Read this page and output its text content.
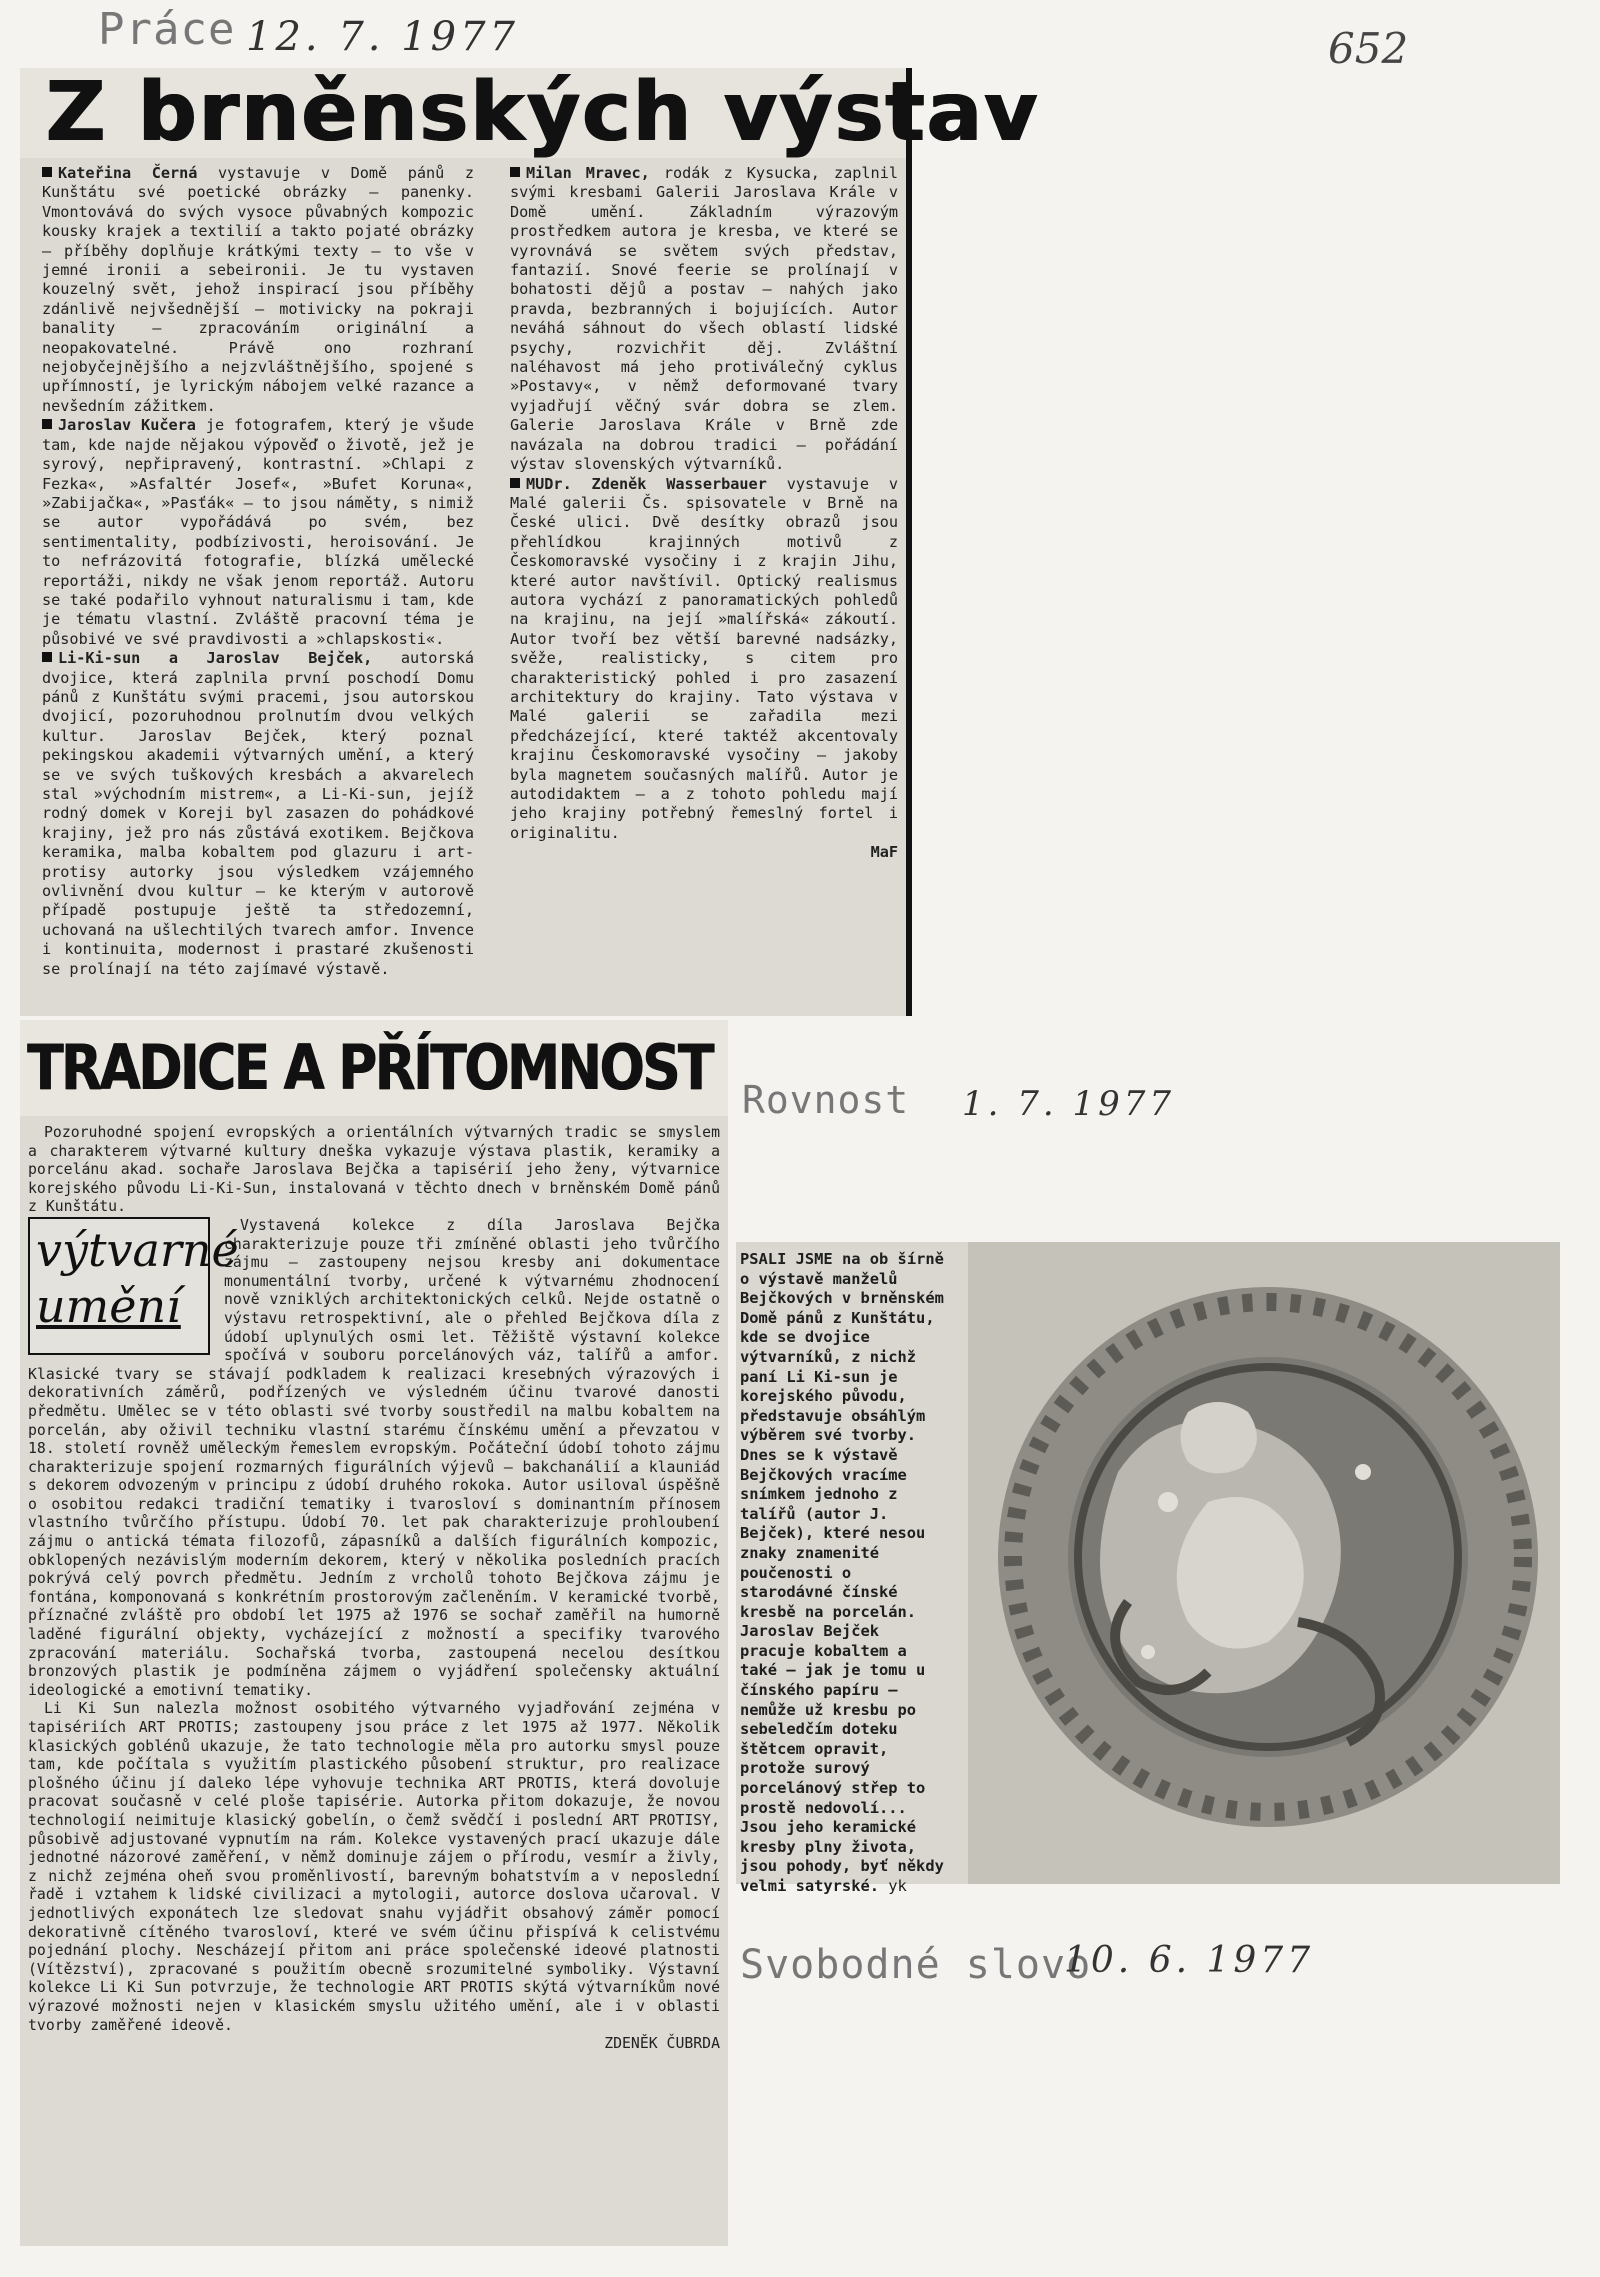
Práce 12. 7. 1977	652
Z brněnských výstav

Kateřina Černá vystavuje v Domě pánů z Kunštátu své poetické obrázky — panenky. Vmontovává do svých vysoce půvabných kompozic kousky krajek a textilií a takto pojaté obrázky — příběhy doplňuje krátkými texty — to vše v jemné ironii a sebeironii. Je tu vystaven kouzelný svět, jehož inspirací jsou příběhy zdánlivě nejvšednější — motivicky na pokraji banality — zpracováním originální a neopakovatelné. Právě ono rozhraní nejobyčejnějšího a nejzvláštnějšího, spojené s upřímností, je lyrickým nábojem velké razance a nevšedním zážitkem.

Jaroslav Kučera je fotografem, který je všude tam, kde najde nějakou výpověď o životě, jež je syrový, nepřipravený, kontrastní. »Chlapi z Fezka«, »Asfaltér Josef«, »Bufet Koruna«, »Zabijačka«, »Pasťák« — to jsou náměty, s nimiž se autor vypořádává po svém, bez sentimentality, podbízivosti, heroisování. Je to nefrázovitá fotografie, blízká umělecké reportáži, nikdy ne však jenom reportáž. Autoru se také podařilo vyhnout naturalismu i tam, kde je tématu vlastní. Zvláště pracovní téma je působivé ve své pravdivosti a »chlapskosti«.

Li-Ki-sun a Jaroslav Bejček, autorská dvojice, která zaplnila první poschodí Domu pánů z Kunštátu svými pracemi, jsou autorskou dvojicí, pozoruhodnou prolnutím dvou velkých kultur. Jaroslav Bejček, který poznal pekingskou akademii výtvarných umění, a který se ve svých tuškových kresbách a akvarelech stal »východním mistrem«, a Li-Ki-sun, jejíž rodný domek v Koreji byl zasazen do pohádkové krajiny, jež pro nás zůstává exotikem. Bejčkova keramika, malba kobaltem pod glazuru i art-protisy autorky jsou výsledkem vzájemného ovlivnění dvou kultur — ke kterým v autorově případě postupuje ještě ta středozemní, uchovaná na ušlechtilých tvarech amfor. Invence i kontinuita, modernost i prastaré zkušenosti se prolínají na této zajímavé výstavě.

Milan Mravec, rodák z Kysucka, zaplnil svými kresbami Galerii Jaroslava Krále v Domě umění. Základním výrazovým prostředkem autora je kresba, ve které se vyrovnává se světem svých představ, fantazií. Snové feerie se prolínají v bohatosti dějů a postav — nahých jako pravda, bezbranných i bojujících. Autor neváhá sáhnout do všech oblastí lidské psychy, rozvichřit děj. Zvláštní naléhavost má jeho protiválečný cyklus »Postavy«, v němž deformované tvary vyjadřují věčný svár dobra se zlem. Galerie Jaroslava Krále v Brně zde navázala na dobrou tradici — pořádání výstav slovenských výtvarníků.

MUDr. Zdeněk Wasserbauer vystavuje v Malé galerii Čs. spisovatele v Brně na České ulici. Dvě desítky obrazů jsou přehlídkou krajinných motivů z Českomoravské vysočiny i z krajin Jihu, které autor navštívil. Optický realismus autora vychází z panoramatických pohledů na krajinu, na její »malířská« zákoutí. Autor tvoří bez větší barevné nadsázky, svěže, realisticky, s citem pro charakteristický pohled i pro zasazení architektury do krajiny. Tato výstava v Malé galerii se zařadila mezi předcházející, které taktéž akcentovaly krajinu Českomoravské vysočiny — jakoby byla magnetem současných malířů. Autor je autodidaktem — a z tohoto pohledu mají jeho krajiny potřebný řemeslný fortel i originalitu.

MaF

TRADICE A PŘÍTOMNOST

Pozoruhodné spojení evropských a orientálních výtvarných tradic se smyslem a charakterem výtvarné kultury dneška vykazuje výstava plastik, keramiky a porcelánu akad. sochaře Jaroslava Bejčka a tapisérií jeho ženy, výtvarnice korejského původu Li-Ki-Sun, instalovaná v těchto dnech v brněnském Domě pánů z Kunštátu.

výtvarné
umění

Vystavená kolekce z díla Jaroslava Bejčka charakterizuje pouze tři zmíněné oblasti jeho tvůrčího zájmu — zastoupeny nejsou kresby ani dokumentace monumentální tvorby, určené k výtvarnému zhodnocení nově vzniklých architektonických celků. Nejde ostatně o výstavu retrospektivní, ale o přehled Bejčkova díla z údobí uplynulých osmi let. Těžiště výstavní kolekce spočívá v souboru porcelánových váz, talířů a amfor. Klasické tvary se stávají podkladem k realizaci kresebných výrazových i dekorativních záměrů, podřízených ve výsledném účinu tvarové danosti předmětu. Umělec se v této oblasti své tvorby soustředil na malbu kobaltem na porcelán, aby oživil techniku vlastní starému čínskému umění a převzatou v 18. století rovněž uměleckým řemeslem evropským. Počáteční údobí tohoto zájmu charakterizuje spojení rozmarných figurálních výjevů — bakchanálií a klauniád s dekorem odvozeným v principu z údobí druhého rokoka. Autor usiloval úspěšně o osobitou redakci tradiční tematiky i tvarosloví s dominantním přínosem vlastního tvůrčího přístupu. Údobí 70. let pak charakterizuje prohloubení zájmu o antická témata filozofů, zápasníků a dalších figurálních kompozic, obklopených nezávislým moderním dekorem, který v několika posledních pracích pokrývá celý povrch předmětu. Jedním z vrcholů tohoto Bejčkova zájmu je fontána, komponovaná s konkrétním prostorovým začleněním. V keramické tvorbě, příznačné zvláště pro období let 1975 až 1976 se sochař zaměřil na humorně laděné figurální objekty, vycházející z možností a specifiky tvarového zpracování materiálu. Sochařská tvorba, zastoupená necelou desítkou bronzových plastik je podmíněna zájmem o vyjádření společensky aktuální ideologické a emotivní tematiky.

Li Ki Sun nalezla možnost osobitého výtvarného vyjadřování zejména v tapisériích ART PROTIS; zastoupeny jsou práce z let 1975 až 1977. Několik klasických goblénů ukazuje, že tato technologie měla pro autorku smysl pouze tam, kde počítala s využitím plastického působení struktur, pro realizace plošného účinu jí daleko lépe vyhovuje technika ART PROTIS, která dovoluje pracovat současně v celé ploše tapisérie. Autorka přitom dokazuje, že novou technologií neimituje klasický gobelín, o čemž svědčí i poslední ART PROTISY, působivě adjustované vypnutím na rám. Kolekce vystavených prací ukazuje dále jednotné názorové zaměření, v němž dominuje zájem o přírodu, vesmír a živly, z nichž zejména oheň svou proměnlivostí, barevným bohatstvím a v neposlední řadě i vztahem k lidské civilizaci a mytologii, autorce doslova učaroval. V jednotlivých exponátech lze sledovat snahu vyjádřit obsahový záměr pomocí dekorativně cítěného tvarosloví, které ve svém účinu přispívá k celistvému pojednání plochy. Nescházejí přitom ani práce společenské ideové platnosti (Vítězství), zpracované s použitím obecně srozumitelné symboliky. Výstavní kolekce Li Ki Sun potvrzuje, že technologie ART PROTIS skýtá výtvarníkům nové výrazové možnosti nejen v klasickém smyslu užitého umění, ale i v oblasti tvorby zaměřené ideově.

ZDENĚK ČUBRDA

Rovnost 1. 7. 1977
PSALI JSME na ob šírně o výstavě manželů Bejčkových v brněnském Domě pánů z Kunštátu, kde se dvojice výtvarníků, z nichž paní Li Ki-sun je korejského původu, představuje obsáhlým výběrem své tvorby. Dnes se k výstavě Bejčkových vracíme snímkem jednoho z talířů (autor J. Bejček), které nesou znaky znamenité poučenosti o starodávné čínské kresbě na porcelán. Jaroslav Bejček pracuje kobaltem a také — jak je tomu u čínského papíru — nemůže už kresbu po sebeledčím doteku štětcem opravit, protože surový porcelánový střep to prostě nedovolí... Jsou jeho keramické kresby plny života, jsou pohody, byť někdy velmi satyrské. yk
Svobodné slovo
10. 6. 1977
